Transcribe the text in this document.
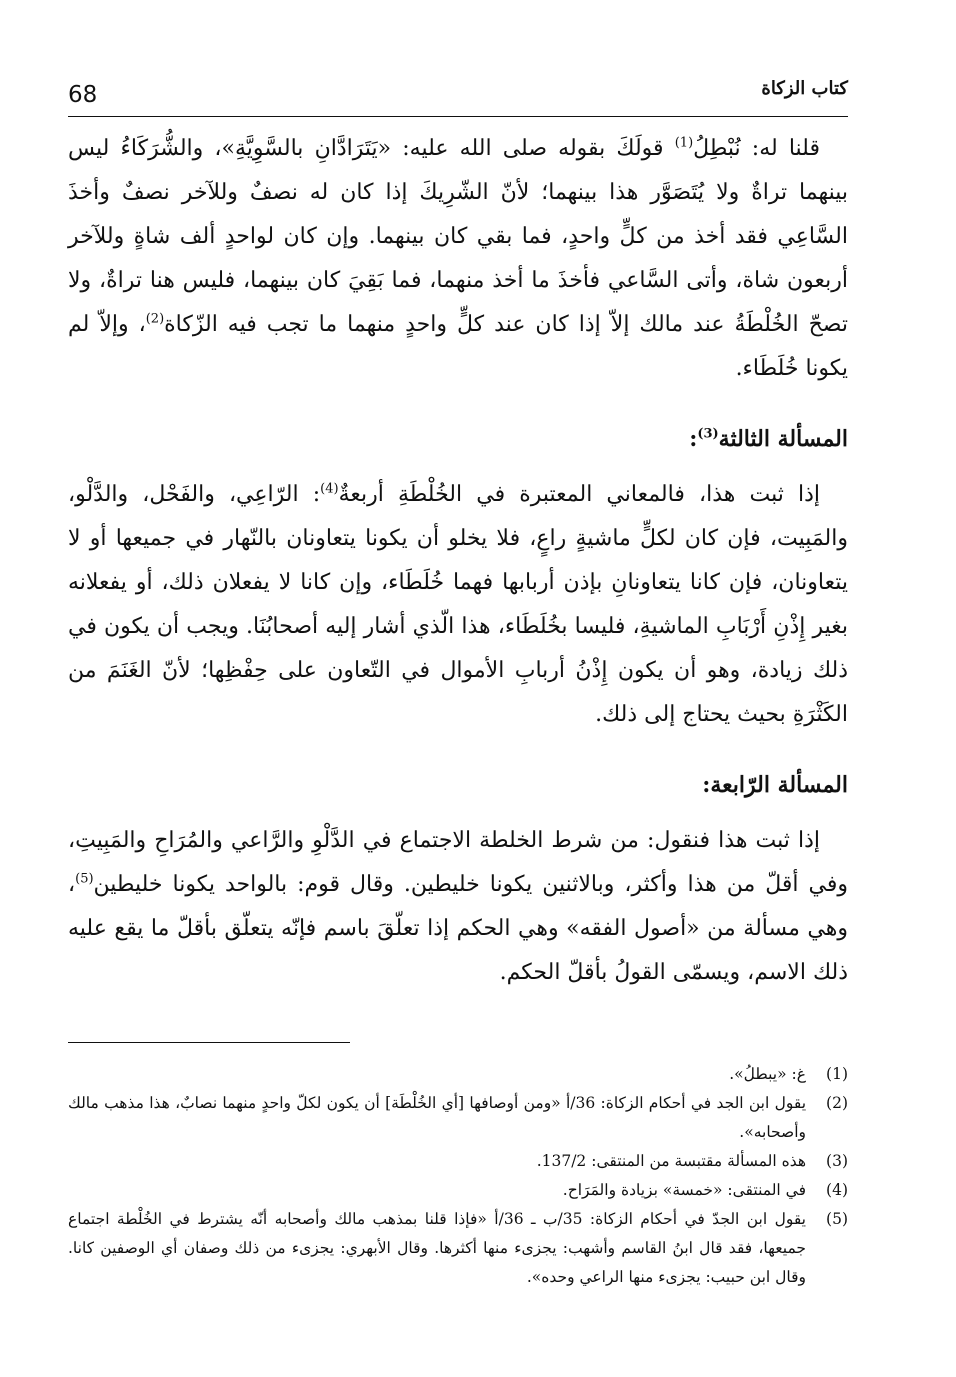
كتاب الزكاة
68

قلنا له: نُبْطِلُ$^{(1)}$ قولَكَ بقوله صلى الله عليه: «يَتَرَادَّانِ بالسَّوِيَّةِ»، والشُّرَكَاءُ ليس بينهما تراةٌ ولا يُتَصَوَّر هذا بينهما؛ لأنّ الشّرِيكَ إذا كان له نصفٌ وللآخر نصفٌ وأخذَ السَّاعِي فقد أخذ من كلٍّ واحدٍ، فما بقي كان بينهما. وإن كان لواحدٍ ألف شاةٍ وللآخر أربعون شاة، وأتى السَّاعي فأخذَ ما أخذ منهما، فما بَقِيَ كان بينهما، فليس هنا تراةٌ، ولا تصحّ الخُلْطَةُ عند مالك إلاّ إذا كان عند كلٍّ واحدٍ منهما ما تجب فيه الزّكاة$^{(2)}$، وإلاّ لم يكونا خُلَطَاء.

المسألة الثالثة$^{(3)}$:

إذا ثبت هذا، فالمعاني المعتبرة في الخُلْطَةِ أربعةٌ$^{(4)}$: الرّاعِي، والفَحْل، والدَّلْو، والمَبِيت، فإن كان لكلٍّ ماشيةٍ راعٍ، فلا يخلو أن يكونا يتعاونان بالنّهار في جميعها أو لا يتعاونان، فإن كانا يتعاونانِ بإذن أربابها فهما خُلَطَاء، وإن كانا لا يفعلان ذلك، أو يفعلانه بغير إِذْنِ أَرْبَابِ الماشيةِ، فليسا بخُلَطَاء، هذا الّذي أشار إليه أصحابُنَا. ويجب أن يكون في ذلك زيادة، وهو أن يكون إِذْنُ أربابِ الأموال في التّعاون على حِفْظِها؛ لأنّ الغَنَمَ من الكَثْرَةِ بحيث يحتاج إلى ذلك.

المسألة الرّابعة:

إذا ثبت هذا فنقول: من شرط الخلطة الاجتماع في الدَّلْوِ والرَّاعي والمُرَاحِ والمَبِيتِ، وفي أقلّ من هذا وأكثر، وبالاثنين يكونا خليطين. وقال قوم: بالواحد يكونا خليطين$^{(5)}$، وهي مسألة من «أصول الفقه» وهي الحكم إذا تعلّقَ باسم فإنّه يتعلّق بأقلّ ما يقع عليه ذلك الاسم، ويسمّى القولُ بأقلّ الحكم.

(1)
غ: «يبطلُ».
(2)
يقول ابن الجد في أحكام الزكاة: 36/أ «ومن أوصافها [أي الخُلْطَة] أن يكون لكلّ واحدٍ منهما نصابٌ، هذا مذهب مالك وأصحابه».
(3)
هذه المسألة مقتبسة من المنتقى: 137/2.
(4)
في المنتقى: «خمسة» بزيادة والمَرَاح.
(5)
يقول ابن الجدّ في أحكام الزكاة: 35/ب ـ 36/أ «فإذا قلنا بمذهب مالك وأصحابه أنّه يشترط في الخُلْطة اجتماع جميعها، فقد قال ابنُ القاسم وأشهب: يجزىء منها أكثرها. وقال الأبهري: يجزىء من ذلك وصفان أي الوصفين كانا. وقال ابن حبيب: يجزىء منها الراعي وحده».
